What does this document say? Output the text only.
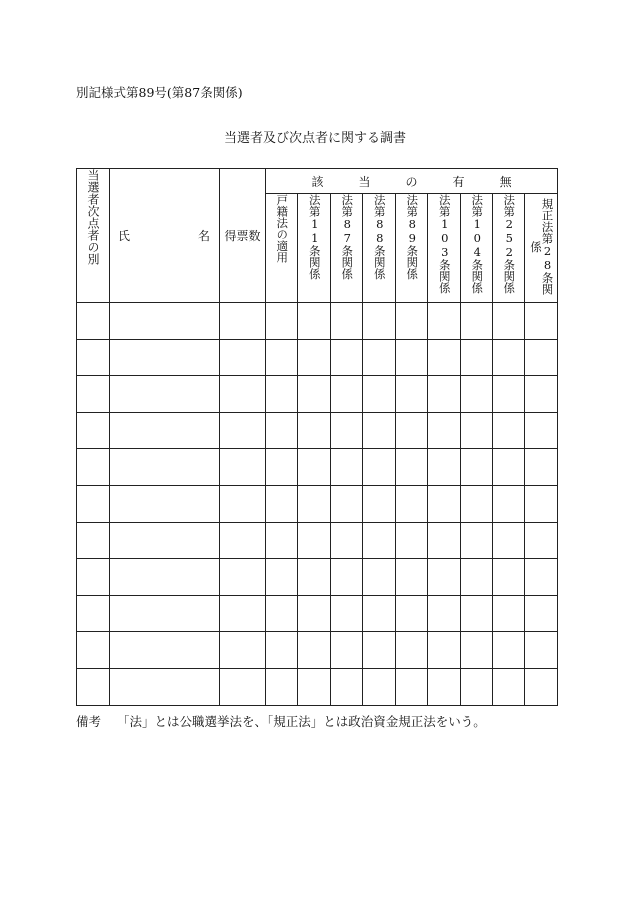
別記様式第89号(第87条関係)
当選者及び次点者に関する調書
当選者次点者の別	氏 名	得票数	該 当 の 有 無								

			戸籍法の適用	法第11条関係	法第87条関係	法第88条関係	法第89条関係	法第103条関係	法第104条関係	法第252条関係	規正法第28条関係

備考 「法」とは公職選挙法を、「規正法」とは政治資金規正法をいう。
